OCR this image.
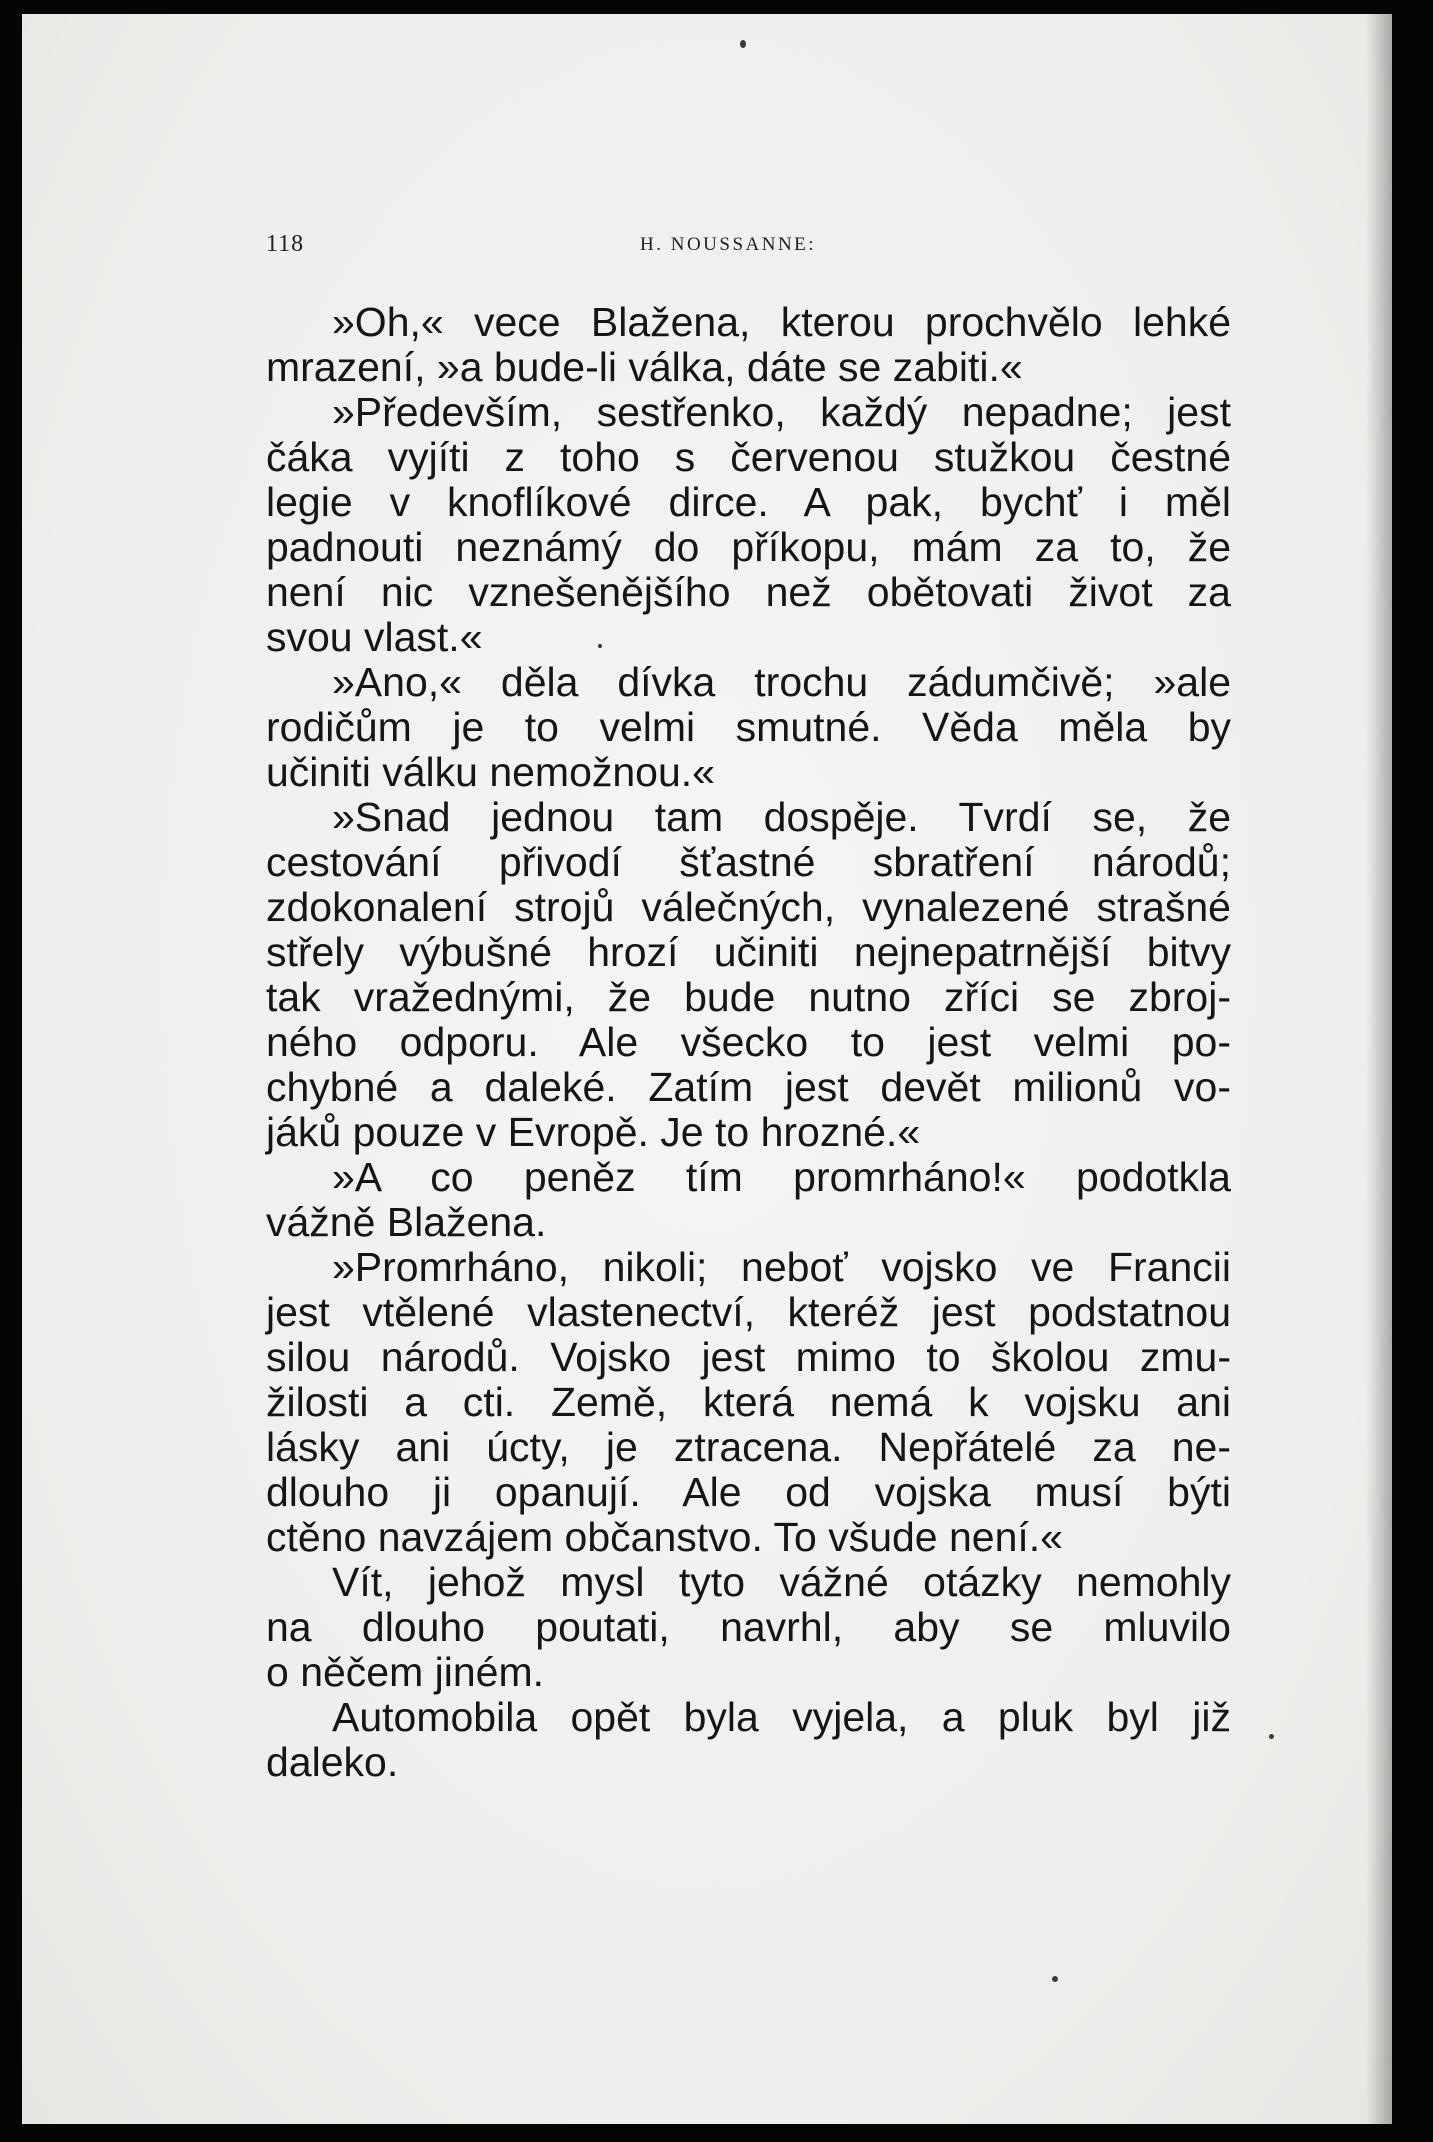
118	H. NOUSSANNE:
»Oh,« vece Blažena, kterou prochvělo lehké
mrazení, »a bude-li válka, dáte se zabiti.«
»Především, sestřenko, každý nepadne; jest
čáka vyjíti z toho s červenou stužkou čestné
legie v knoflíkové dirce. A pak, bychť i měl
padnouti neznámý do příkopu, mám za to, že
není nic vznešenějšího než obětovati život za
svou vlast.«
»Ano,« děla dívka trochu zádumčivě; »ale
rodičům je to velmi smutné. Věda měla by
učiniti válku nemožnou.«
»Snad jednou tam dospěje. Tvrdí se, že
cestování přivodí šťastné sbratření národů;
zdokonalení strojů válečných, vynalezené strašné
střely výbušné hrozí učiniti nejnepatrnější bitvy
tak vražednými, že bude nutno zříci se zbroj-
ného odporu. Ale všecko to jest velmi po-
chybné a daleké. Zatím jest devět milionů vo-
jáků pouze v Evropě. Je to hrozné.«
»A co peněz tím promrháno!« podotkla
vážně Blažena.
»Promrháno, nikoli; neboť vojsko ve Francii
jest vtělené vlastenectví, kteréž jest podstatnou
silou národů. Vojsko jest mimo to školou zmu-
žilosti a cti. Země, která nemá k vojsku ani
lásky ani úcty, je ztracena. Nepřátelé za ne-
dlouho ji opanují. Ale od vojska musí býti
ctěno navzájem občanstvo. To všude není.«
Vít, jehož mysl tyto vážné otázky nemohly
na dlouho poutati, navrhl, aby se mluvilo
o něčem jiném.
Automobila opět byla vyjela, a pluk byl již
daleko.
